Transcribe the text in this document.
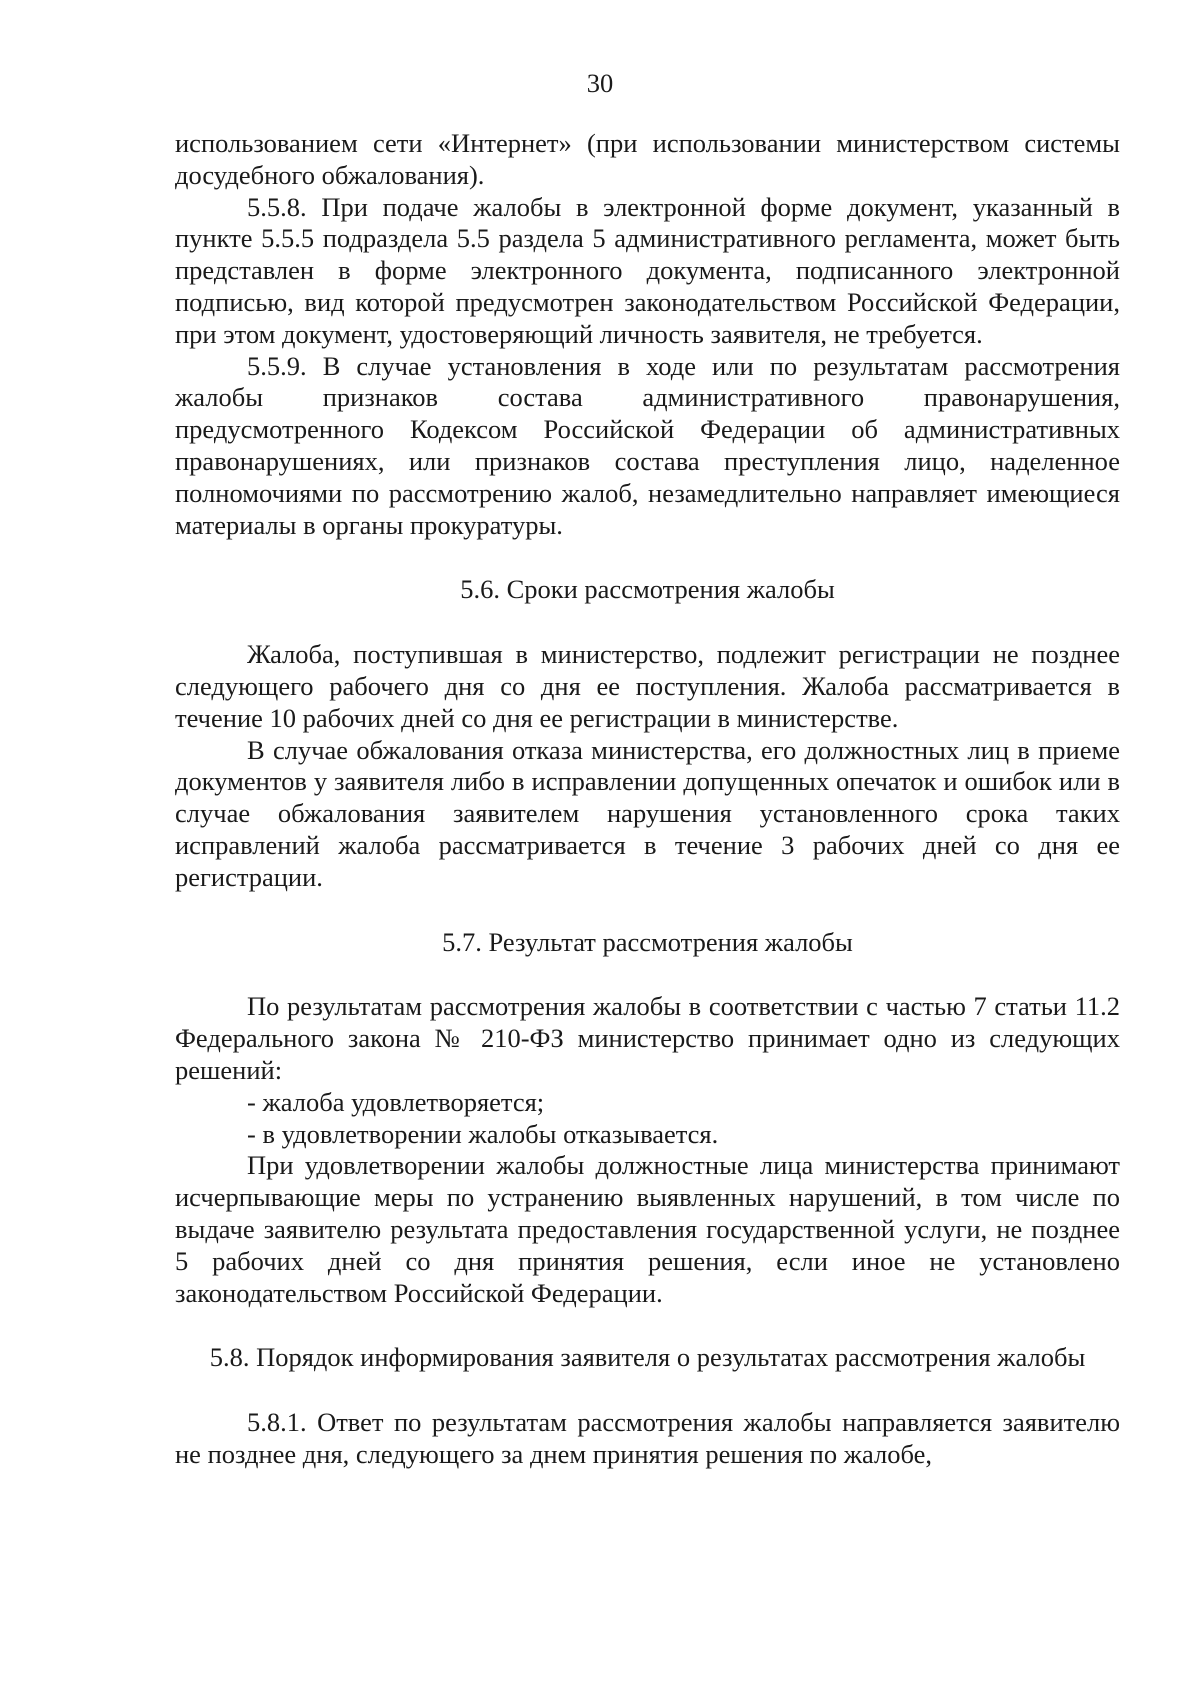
30

использованием сети «Интернет» (при использовании министерством системы досудебного обжалования).

5.5.8. При подаче жалобы в электронной форме документ, указанный в пункте 5.5.5 подраздела 5.5 раздела 5 административного регламента, может быть представлен в форме электронного документа, подписанного электронной подписью, вид которой предусмотрен законодательством Российской Федерации, при этом документ, удостоверяющий личность заявителя, не требуется.

5.5.9. В случае установления в ходе или по результатам рассмотрения жалобы признаков состава административного правонарушения, предусмотренного Кодексом Российской Федерации об административных правонарушениях, или признаков состава преступления лицо, наделенное полномочиями по рассмотрению жалоб, незамедлительно направляет имеющиеся материалы в органы прокуратуры.

5.6. Сроки рассмотрения жалобы

Жалоба, поступившая в министерство, подлежит регистрации не позднее следующего рабочего дня со дня ее поступления. Жалоба рассматривается в течение 10 рабочих дней со дня ее регистрации в министерстве.

В случае обжалования отказа министерства, его должностных лиц в приеме документов у заявителя либо в исправлении допущенных опечаток и ошибок или в случае обжалования заявителем нарушения установленного срока таких исправлений жалоба рассматривается в течение 3 рабочих дней со дня ее регистрации.

5.7. Результат рассмотрения жалобы

По результатам рассмотрения жалобы в соответствии с частью 7 статьи 11.2 Федерального закона № 210-ФЗ министерство принимает одно из следующих решений:

- жалоба удовлетворяется;

- в удовлетворении жалобы отказывается.

При удовлетворении жалобы должностные лица министерства принимают исчерпывающие меры по устранению выявленных нарушений, в том числе по выдаче заявителю результата предоставления государственной услуги, не позднее 5 рабочих дней со дня принятия решения, если иное не установлено законодательством Российской Федерации.

5.8. Порядок информирования заявителя о результатах рассмотрения жалобы

5.8.1. Ответ по результатам рассмотрения жалобы направляется заявителю не позднее дня, следующего за днем принятия решения по жалобе,
